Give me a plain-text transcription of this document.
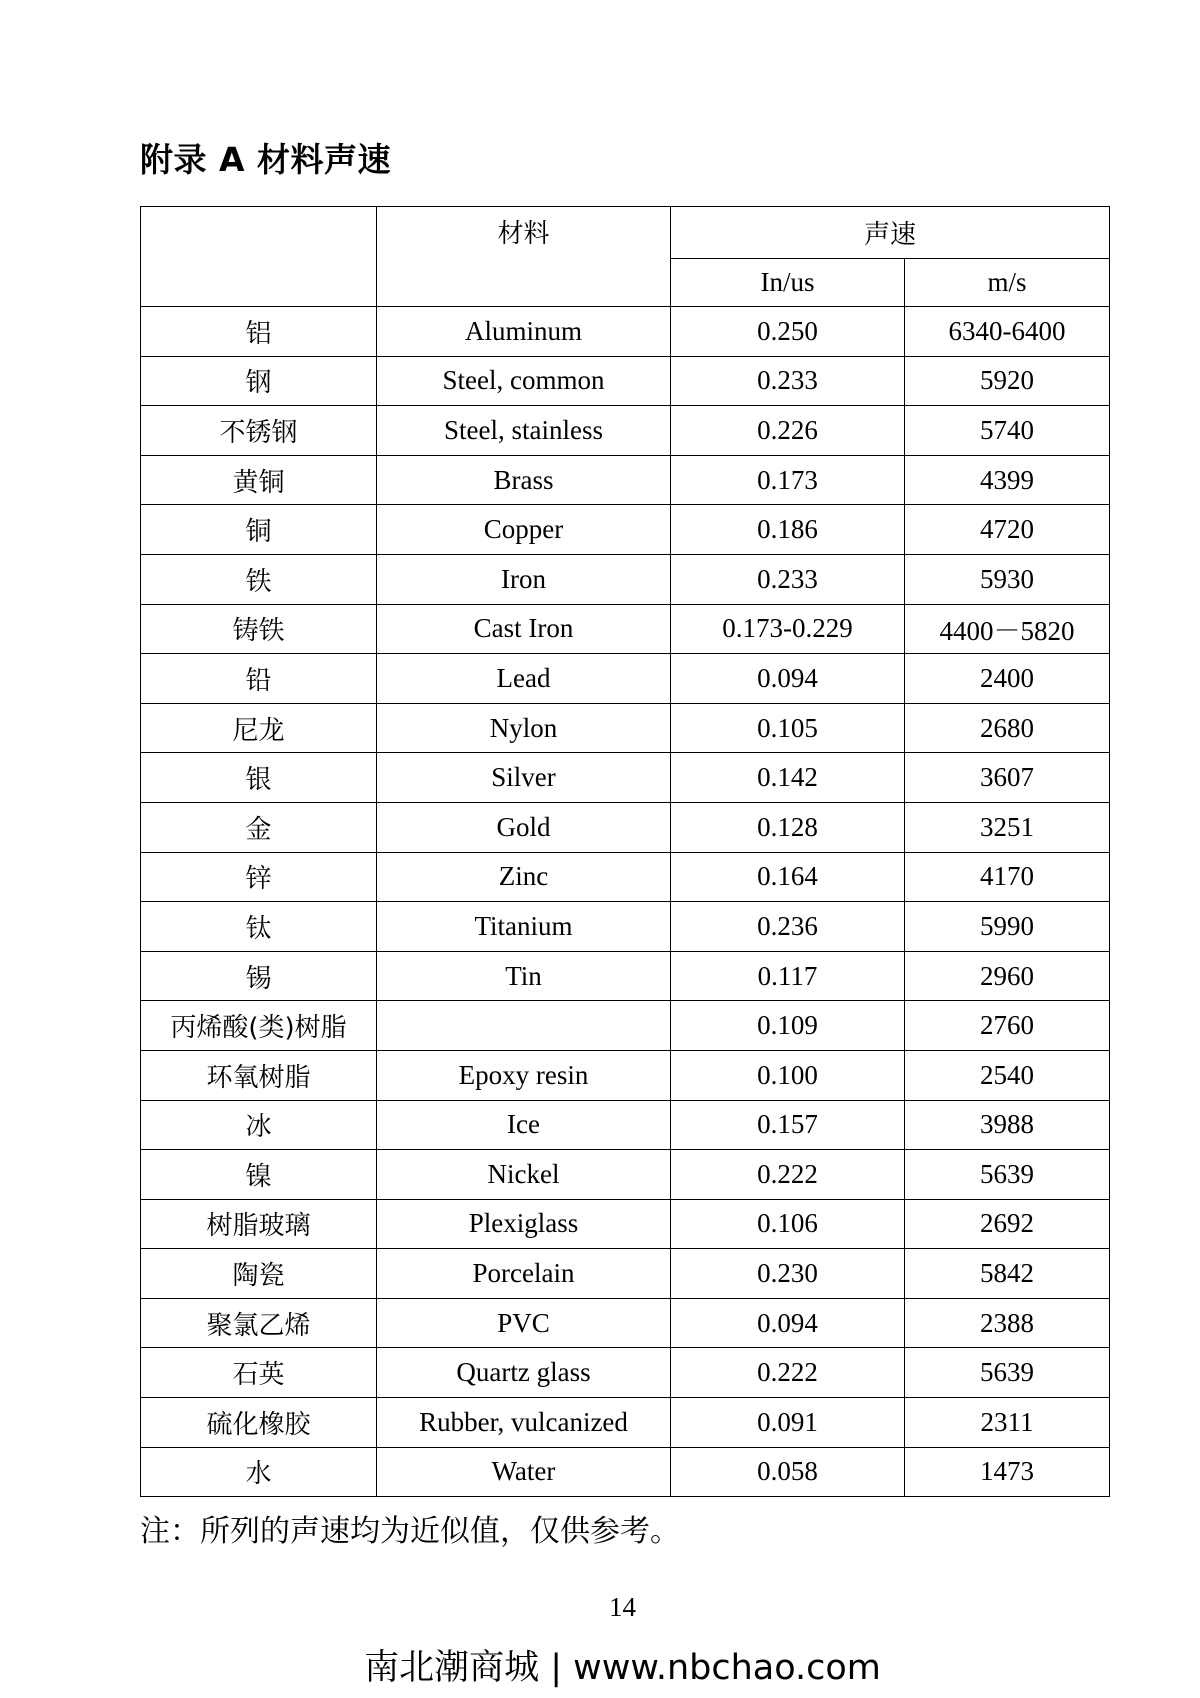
附录 A 材料声速
	材料	声速	
		In/us	m/s
铝	Aluminum	0.250	6340-6400
钢	Steel, common	0.233	5920
不锈钢	Steel, stainless	0.226	5740
黄铜	Brass	0.173	4399
铜	Copper	0.186	4720
铁	Iron	0.233	5930
铸铁	Cast Iron	0.173-0.229	4400－5820
铅	Lead	0.094	2400
尼龙	Nylon	0.105	2680
银	Silver	0.142	3607
金	Gold	0.128	3251
锌	Zinc	0.164	4170
钛	Titanium	0.236	5990
锡	Tin	0.117	2960
丙烯酸(类)树脂		0.109	2760
环氧树脂	Epoxy resin	0.100	2540
冰	Ice	0.157	3988
镍	Nickel	0.222	5639
树脂玻璃	Plexiglass	0.106	2692
陶瓷	Porcelain	0.230	5842
聚氯乙烯	PVC	0.094	2388
石英	Quartz glass	0.222	5639
硫化橡胶	Rubber, vulcanized	0.091	2311
水	Water	0.058	1473
注：所列的声速均为近似值，仅供参考。
14
南北潮商城 | www.nbchao.com
